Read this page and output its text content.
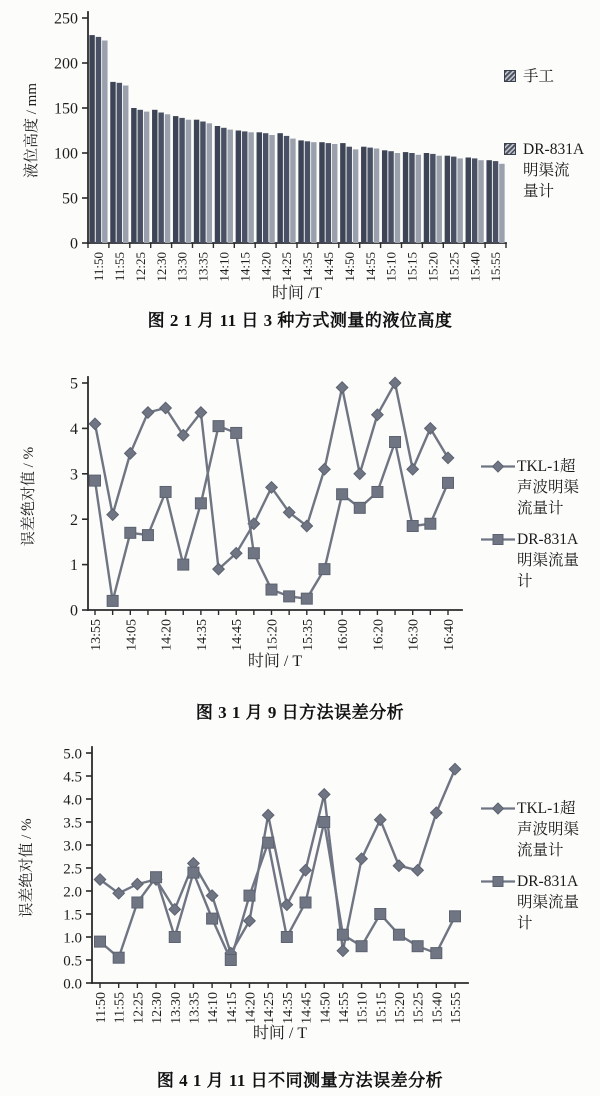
0
50
100
150
200
250
液位高度 / mm
时间 /T
11:50 11:55 12:25 12:30 13:30 13:35 14:10 14:15 14:20 14:25 14:35 14:45 14:50 14:55 15:10 15:15 15:20 15:25 15:40 15:55
手工
DR-831A
明渠流
量计
图 2 1 月 11 日 3 种方式测量的液位高度
0
1
2
3
4
5
误差绝对值 / %
时间 / T
13:55 14:05 14:20 14:35 14:45 15:20 15:35 16:00 16:20 16:30 16:40
TKL-1超
声波明渠
流量计
DR-831A
明渠流量
计
图 3 1 月 9 日方法误差分析
0.0
0.5
1.0
1.5
2.0
2.5
3.0
3.5
4.0
4.5
5.0
误差绝对值 / %
时间 / T
11:50 11:55 12:25 12:30 13:30 13:35 14:10 14:15 14:20 14:25 14:35 14:45 14:50 14:55 15:10 15:15 15:20 15:25 15:40 15:55
TKL-1超
声波明渠
流量计
DR-831A
明渠流量
计
图 4 1 月 11 日不同测量方法误差分析
